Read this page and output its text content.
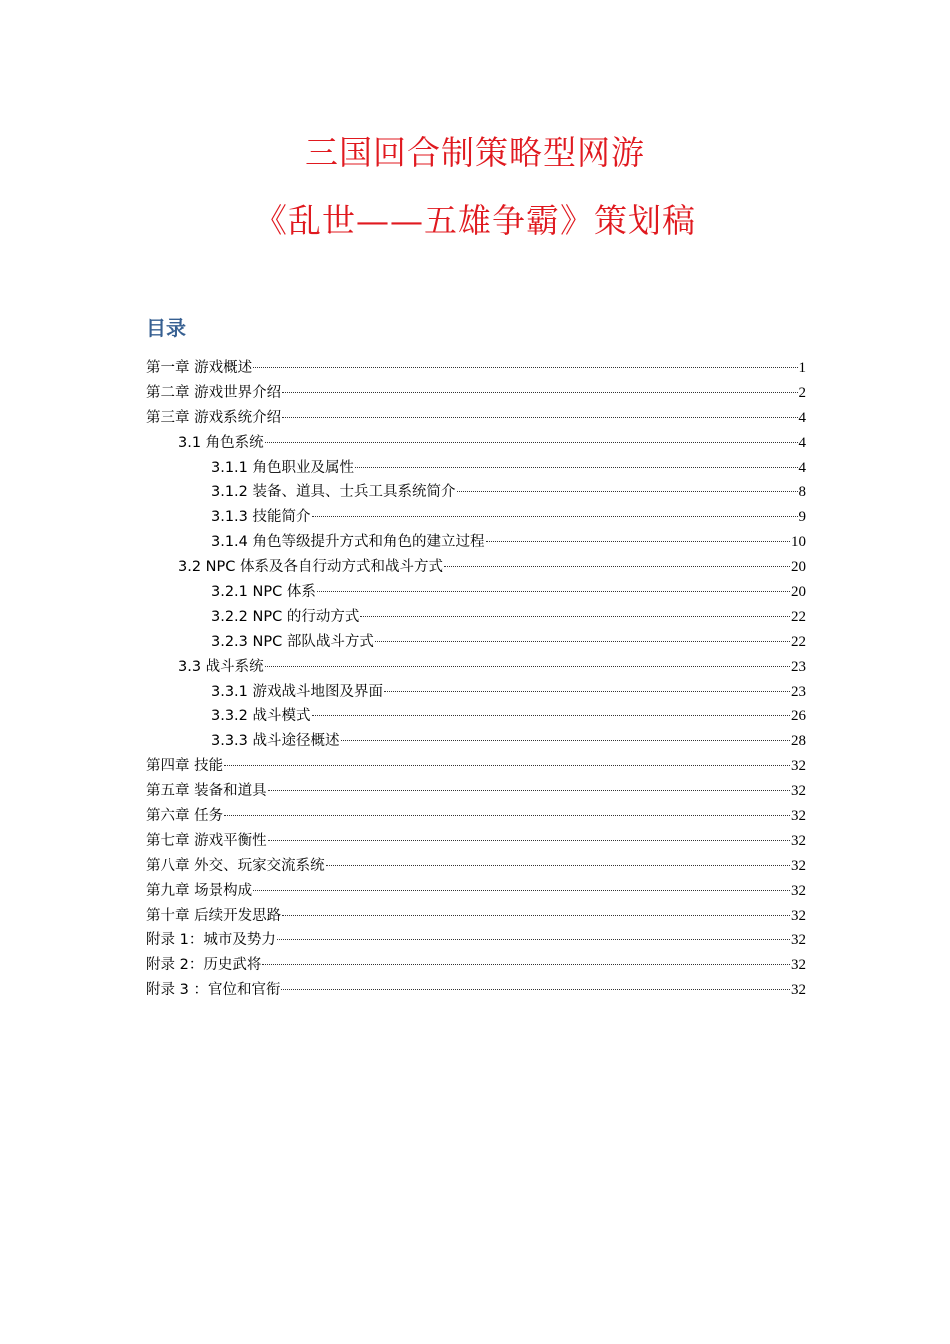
三国回合制策略型网游
《乱世——五雄争霸》策划稿
目录
第一章 游戏概述	1
第二章 游戏世界介绍	2
第三章 游戏系统介绍	4
3.1 角色系统	4
3.1.1 角色职业及属性	4
3.1.2 装备、道具、士兵工具系统简介	8
3.1.3 技能简介	9
3.1.4 角色等级提升方式和角色的建立过程	10
3.2 NPC 体系及各自行动方式和战斗方式	20
3.2.1 NPC 体系	20
3.2.2 NPC 的行动方式	22
3.2.3 NPC 部队战斗方式	22
3.3 战斗系统	23
3.3.1 游戏战斗地图及界面	23
3.3.2 战斗模式	26
3.3.3 战斗途径概述	28
第四章 技能	32
第五章 装备和道具	32
第六章 任务	32
第七章 游戏平衡性	32
第八章 外交、玩家交流系统	32
第九章 场景构成	32
第十章 后续开发思路	32
附录 1：城市及势力	32
附录 2：历史武将	32
附录 3 ：官位和官衔	32
